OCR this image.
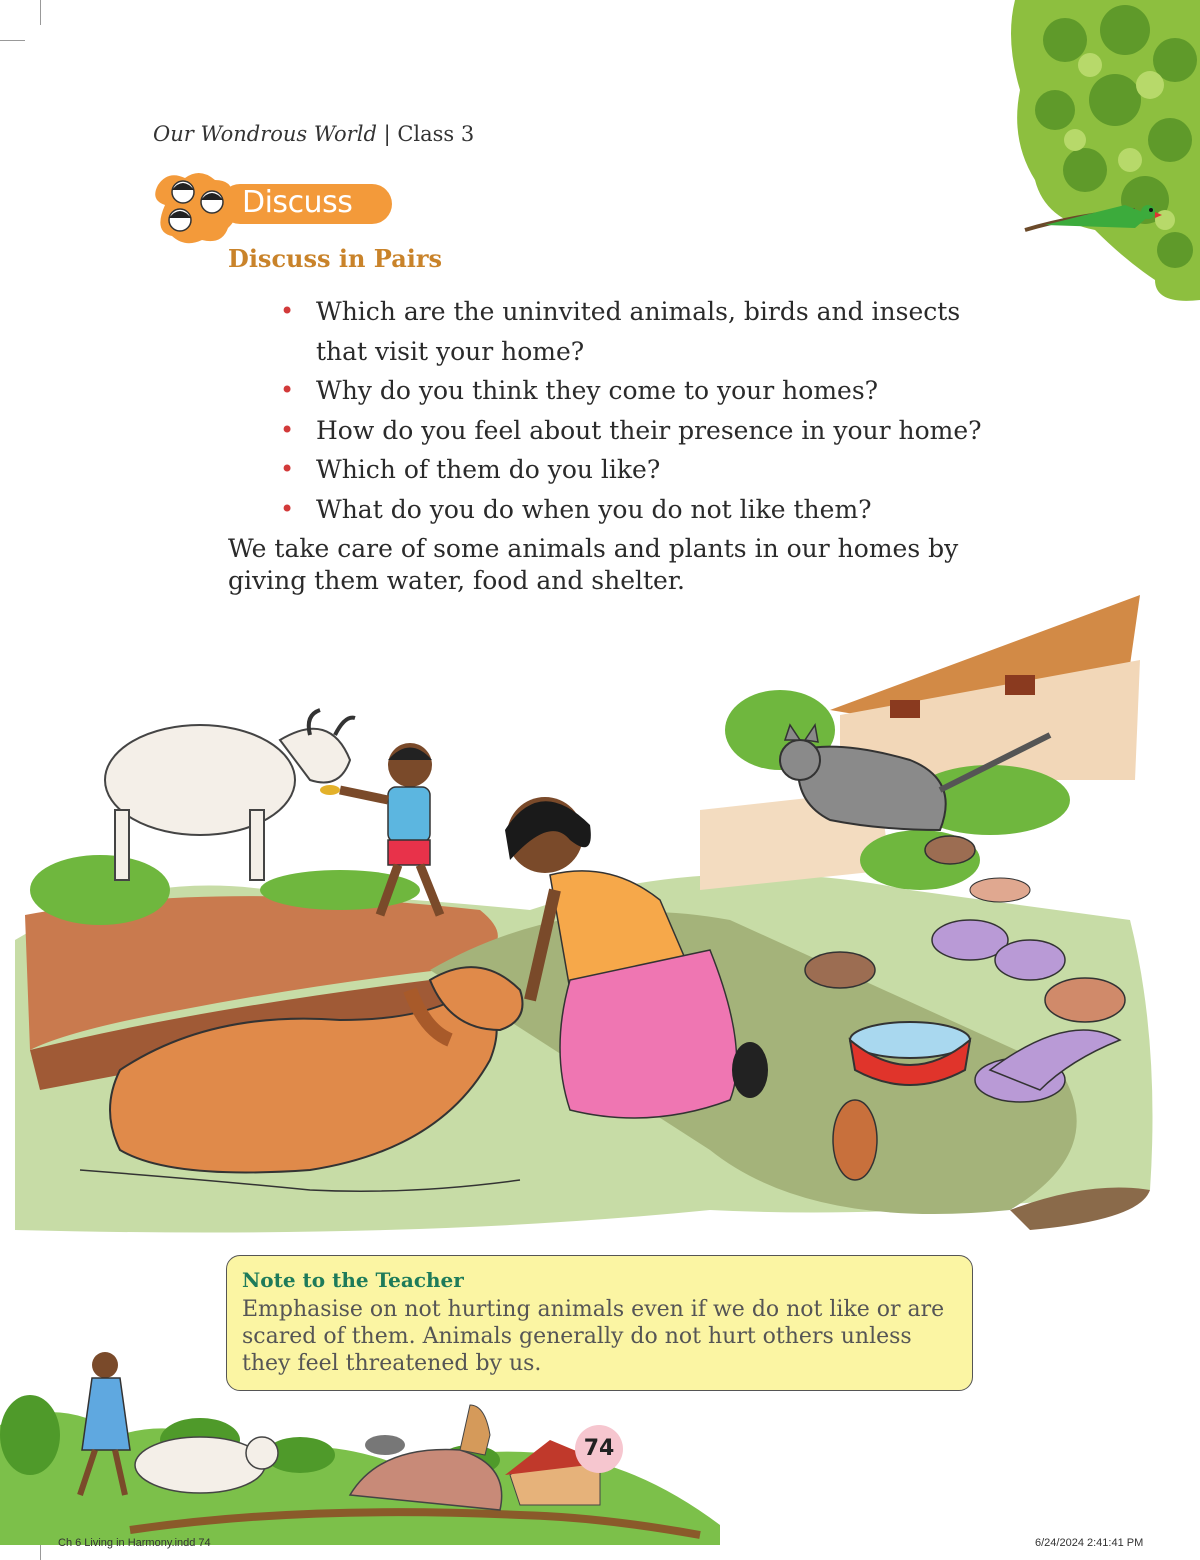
Our Wondrous World | Class 3
Discuss
Discuss in Pairs
• Which are the uninvited animals, birds and insects that visit your home?
• Why do you think they come to your homes?
• How do you feel about their presence in your home?
• Which of them do you like?
• What do you do when you do not like them?

We take care of some animals and plants in our homes by giving them water, food and shelter.

Note to the Teacher
Emphasise on not hurting animals even if we do not like or are scared of them. Animals generally do not hurt others unless they feel threatened by us.
74
Ch 6 Living in Harmony.indd 74	6/24/2024 2:41:41 PM
